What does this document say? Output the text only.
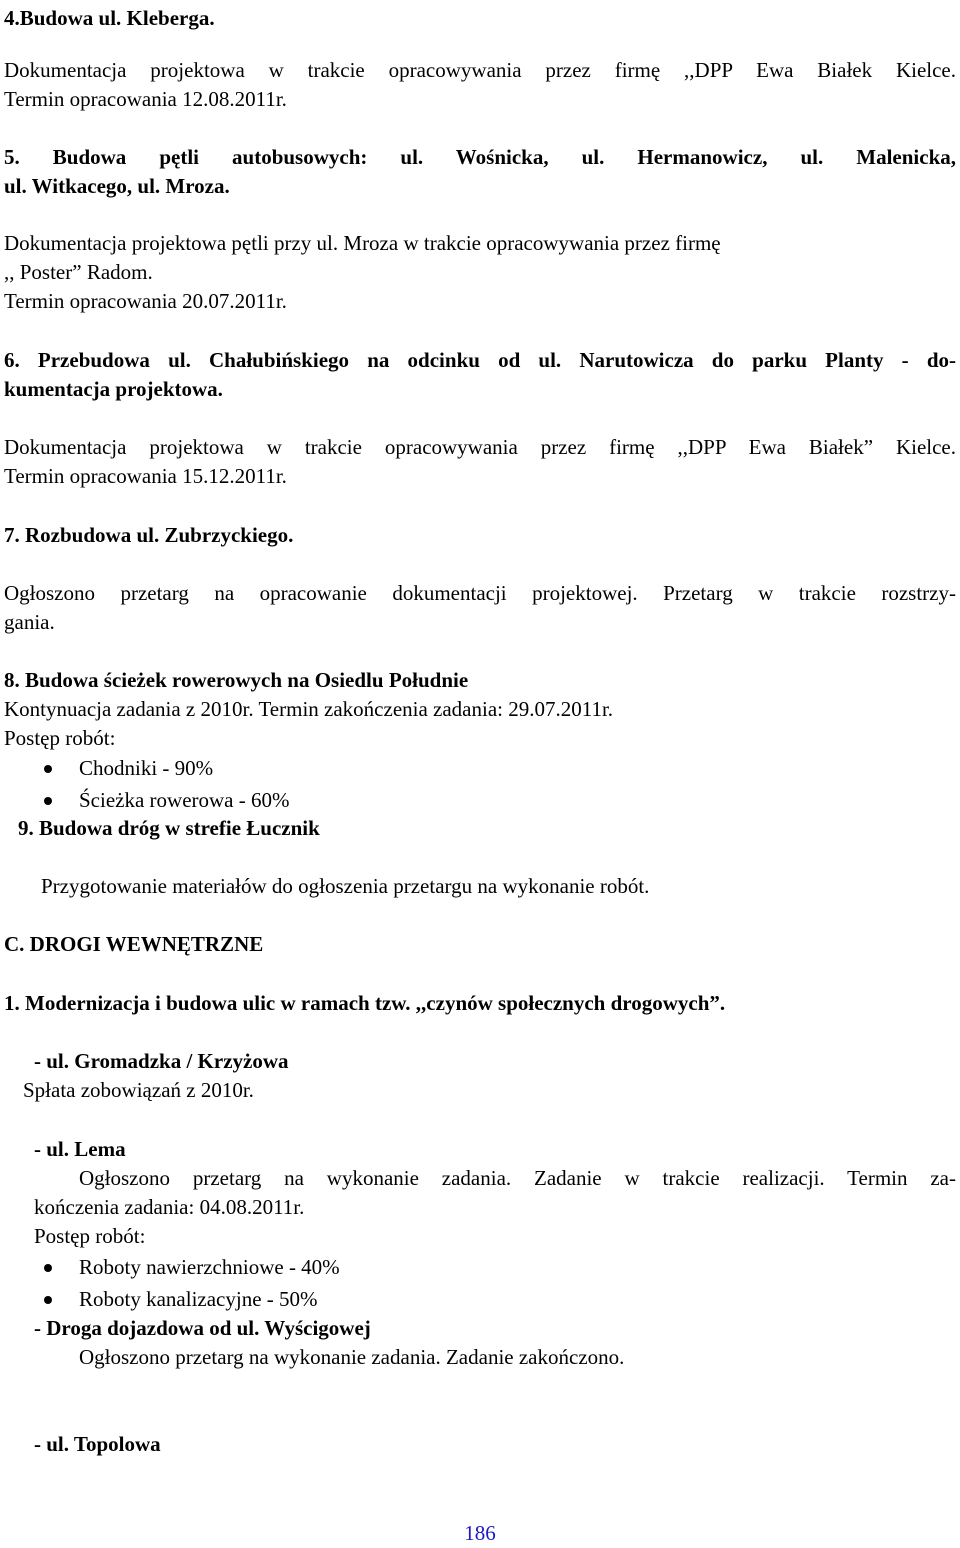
4.Budowa ul. Kleberga.
Dokumentacja projektowa w trakcie opracowywania przez firmę ,,DPP Ewa Białek Kielce.
Termin opracowania 12.08.2011r.
5. Budowa pętli autobusowych: ul. Wośnicka, ul. Hermanowicz, ul. Malenicka,
ul. Witkacego, ul. Mroza.
Dokumentacja projektowa pętli przy ul. Mroza w trakcie opracowywania przez firmę
,, Poster” Radom.
Termin opracowania 20.07.2011r.
6. Przebudowa ul. Chałubińskiego na odcinku od ul. Narutowicza do parku Planty - do-
kumentacja projektowa.
Dokumentacja projektowa w trakcie opracowywania przez firmę ,,DPP Ewa Białek” Kielce.
Termin opracowania 15.12.2011r.
7. Rozbudowa ul. Zubrzyckiego.
Ogłoszono przetarg na opracowanie dokumentacji projektowej. Przetarg w trakcie rozstrzy-
gania.
8. Budowa ścieżek rowerowych na Osiedlu Południe
Kontynuacja zadania z 2010r. Termin zakończenia zadania: 29.07.2011r.
Postęp robót:
Chodniki - 90%
Ścieżka rowerowa - 60%
9. Budowa dróg w strefie Łucznik
Przygotowanie materiałów do ogłoszenia przetargu na wykonanie robót.
C. DROGI WEWNĘTRZNE
1. Modernizacja i budowa ulic w ramach tzw. ,,czynów społecznych drogowych”.
- ul. Gromadzka / Krzyżowa
Spłata zobowiązań z 2010r.
- ul. Lema
Ogłoszono przetarg na wykonanie zadania. Zadanie w trakcie realizacji. Termin za-
kończenia zadania: 04.08.2011r.
Postęp robót:
Roboty nawierzchniowe - 40%
Roboty kanalizacyjne - 50%
- Droga dojazdowa od ul. Wyścigowej
Ogłoszono przetarg na wykonanie zadania. Zadanie zakończono.
- ul. Topolowa
186
